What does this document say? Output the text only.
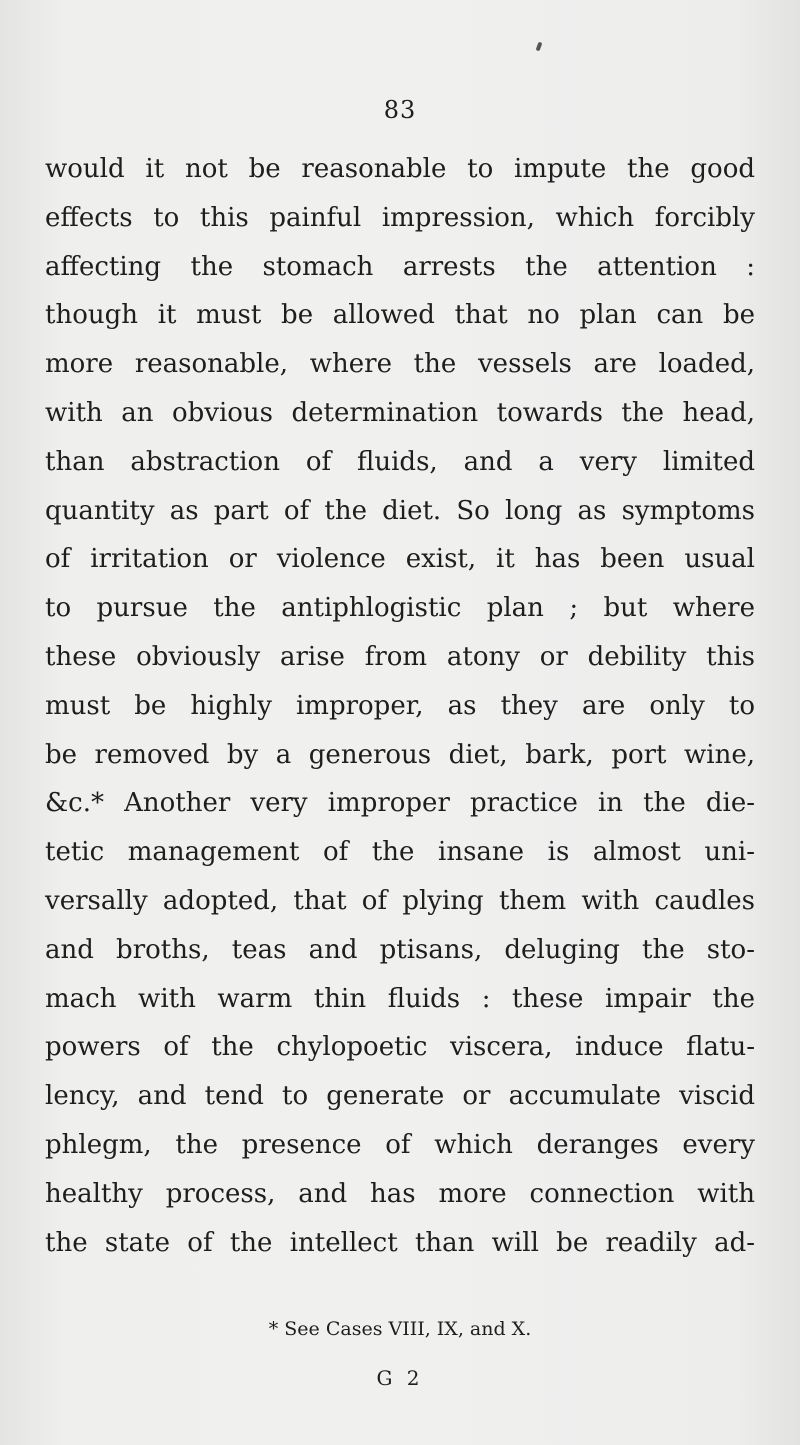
83
would it not be reasonable to impute the good
effects to this painful impression, which forcibly
affecting the stomach arrests the attention :
though it must be allowed that no plan can be
more reasonable, where the vessels are loaded,
with an obvious determination towards the head,
than abstraction of fluids, and a very limited
quantity as part of the diet. So long as symptoms
of irritation or violence exist, it has been usual
to pursue the antiphlogistic plan ; but where
these obviously arise from atony or debility this
must be highly improper, as they are only to
be removed by a generous diet, bark, port wine,
&c.* Another very improper practice in the die-
tetic management of the insane is almost uni-
versally adopted, that of plying them with caudles
and broths, teas and ptisans, deluging the sto-
mach with warm thin fluids : these impair the
powers of the chylopoetic viscera, induce flatu-
lency, and tend to generate or accumulate viscid
phlegm, the presence of which deranges every
healthy process, and has more connection with
the state of the intellect than will be readily ad-
* See Cases VIII, IX, and X.
G 2
